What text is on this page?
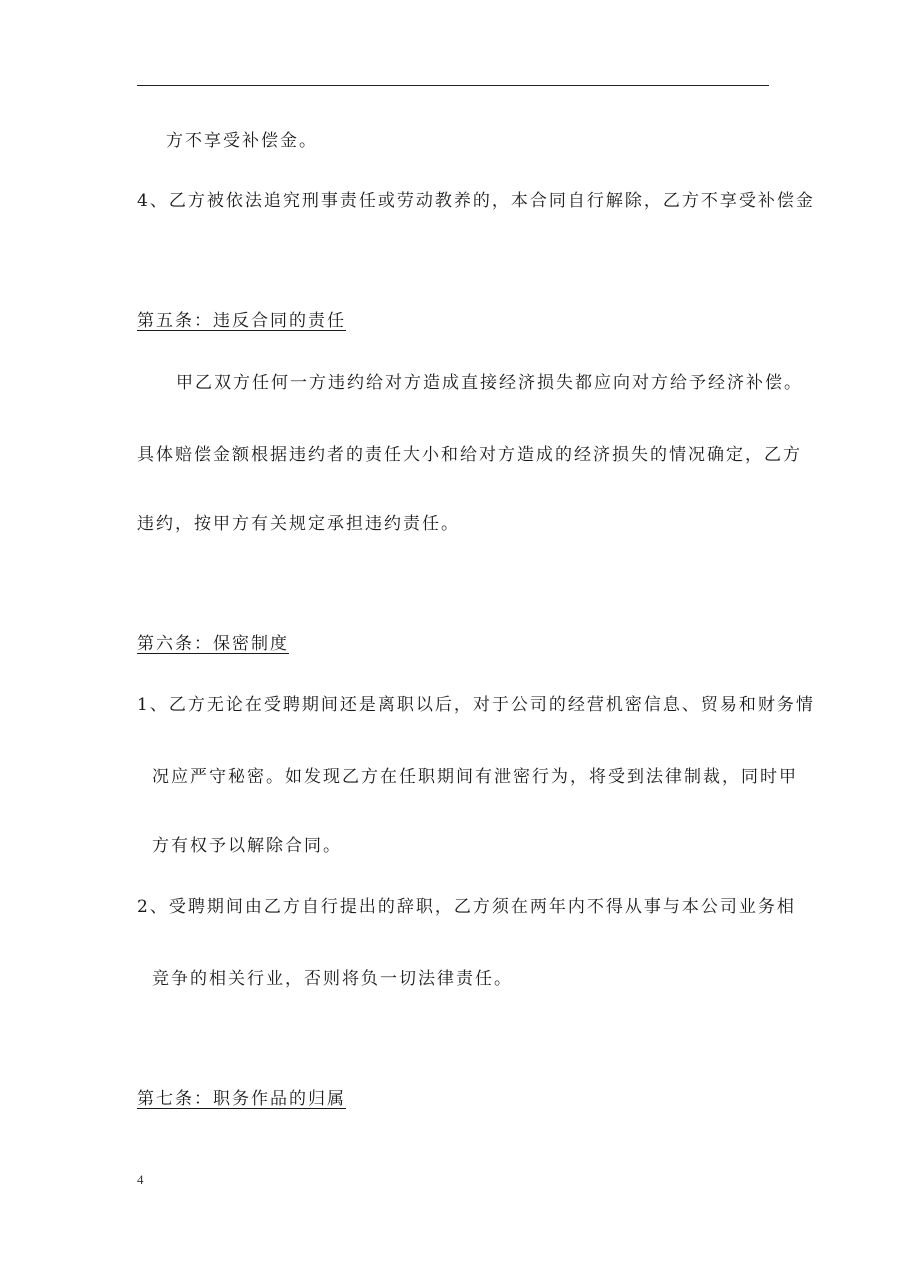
方不享受补偿金。
4、乙方被依法追究刑事责任或劳动教养的，本合同自行解除，乙方不享受补偿金
第五条：违反合同的责任
甲乙双方任何一方违约给对方造成直接经济损失都应向对方给予经济补偿。
具体赔偿金额根据违约者的责任大小和给对方造成的经济损失的情况确定，乙方
违约，按甲方有关规定承担违约责任。
第六条：保密制度
1、乙方无论在受聘期间还是离职以后，对于公司的经营机密信息、贸易和财务情
况应严守秘密。如发现乙方在任职期间有泄密行为，将受到法律制裁，同时甲
方有权予以解除合同。
2、受聘期间由乙方自行提出的辞职，乙方须在两年内不得从事与本公司业务相
竞争的相关行业，否则将负一切法律责任。
第七条：职务作品的归属
4
